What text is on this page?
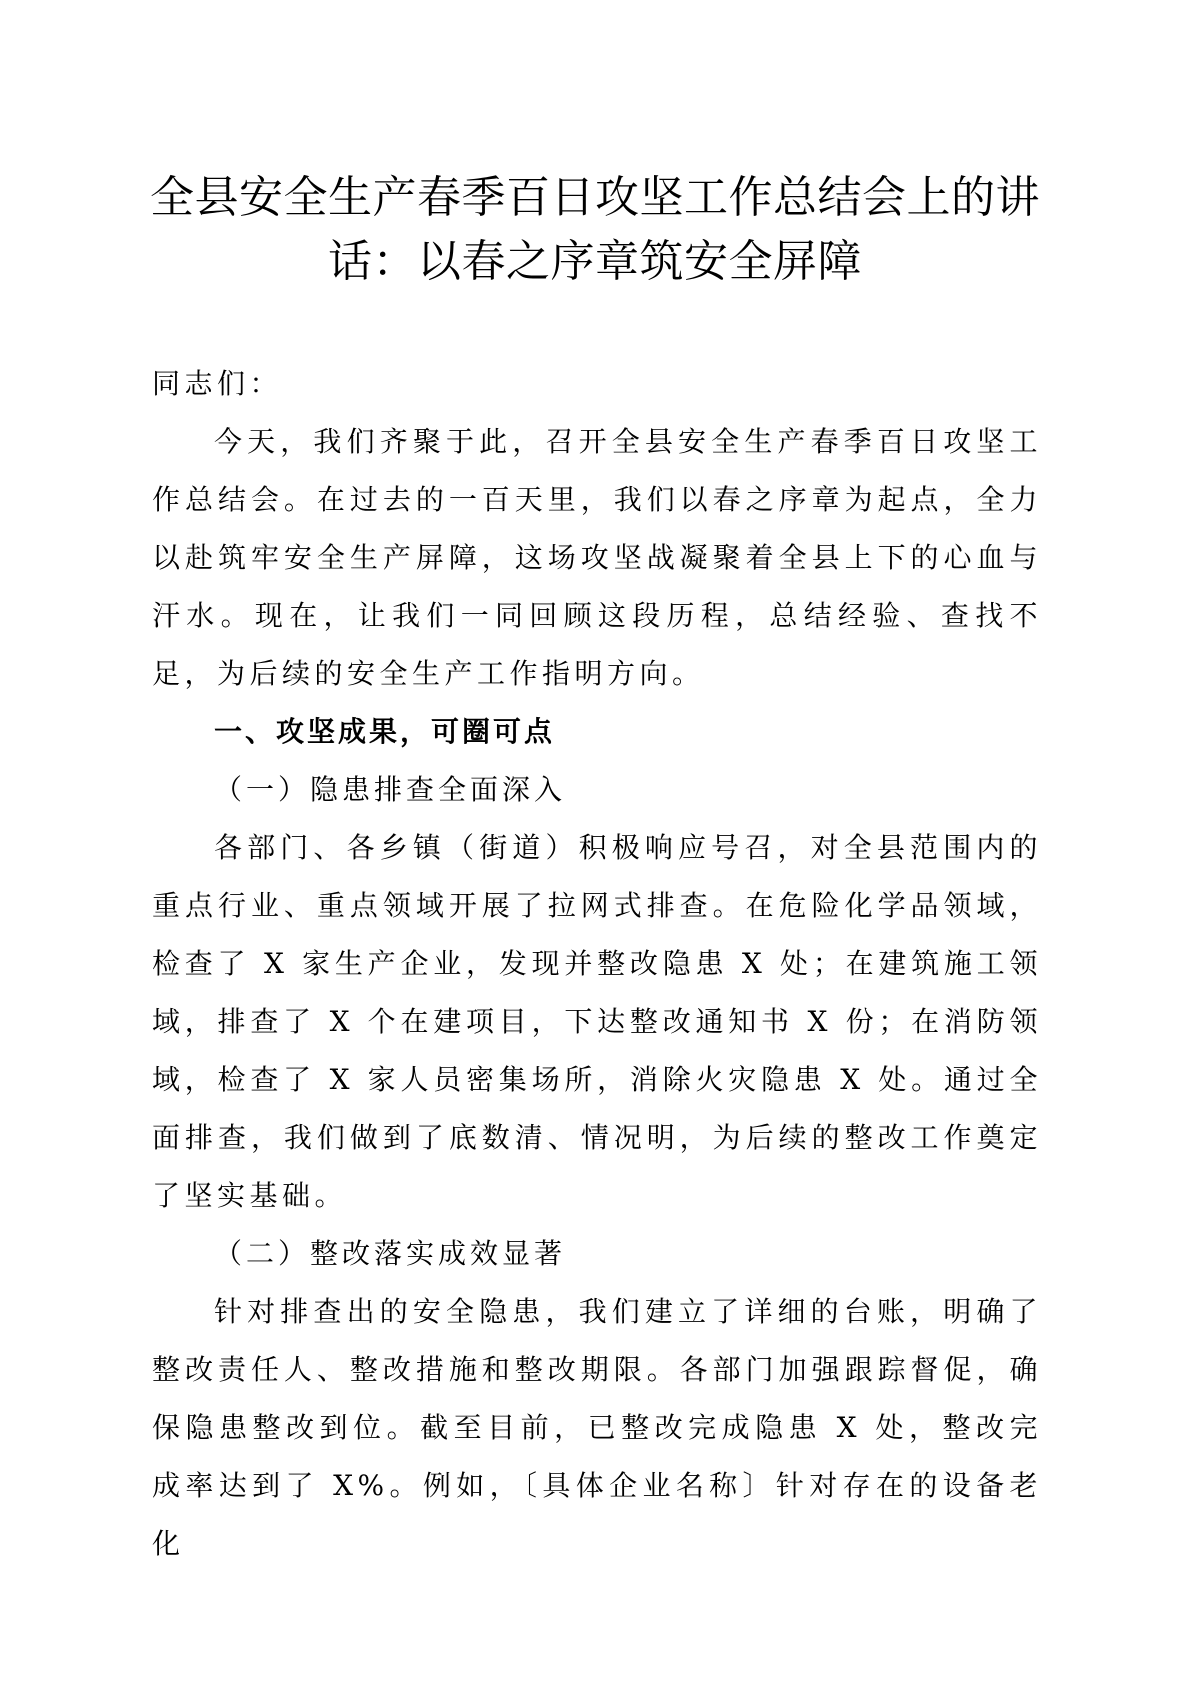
全县安全生产春季百日攻坚工作总结会上的讲话：以春之序章筑安全屏障

同志们：

今天，我们齐聚于此，召开全县安全生产春季百日攻坚工作总结会。在过去的一百天里，我们以春之序章为起点，全力以赴筑牢安全生产屏障，这场攻坚战凝聚着全县上下的心血与汗水。现在，让我们一同回顾这段历程，总结经验、查找不足，为后续的安全生产工作指明方向。

一、攻坚成果，可圈可点

（一）隐患排查全面深入

各部门、各乡镇（街道）积极响应号召，对全县范围内的重点行业、重点领域开展了拉网式排查。在危险化学品领域，检查了 X 家生产企业，发现并整改隐患 X 处；在建筑施工领域，排查了 X 个在建项目，下达整改通知书 X 份；在消防领域，检查了 X 家人员密集场所，消除火灾隐患 X 处。通过全面排查，我们做到了底数清、情况明，为后续的整改工作奠定了坚实基础。

（二）整改落实成效显著

针对排查出的安全隐患，我们建立了详细的台账，明确了整改责任人、整改措施和整改期限。各部门加强跟踪督促，确保隐患整改到位。截至目前，已整改完成隐患 X 处，整改完成率达到了 X%。例如，〔具体企业名称〕针对存在的设备老化
